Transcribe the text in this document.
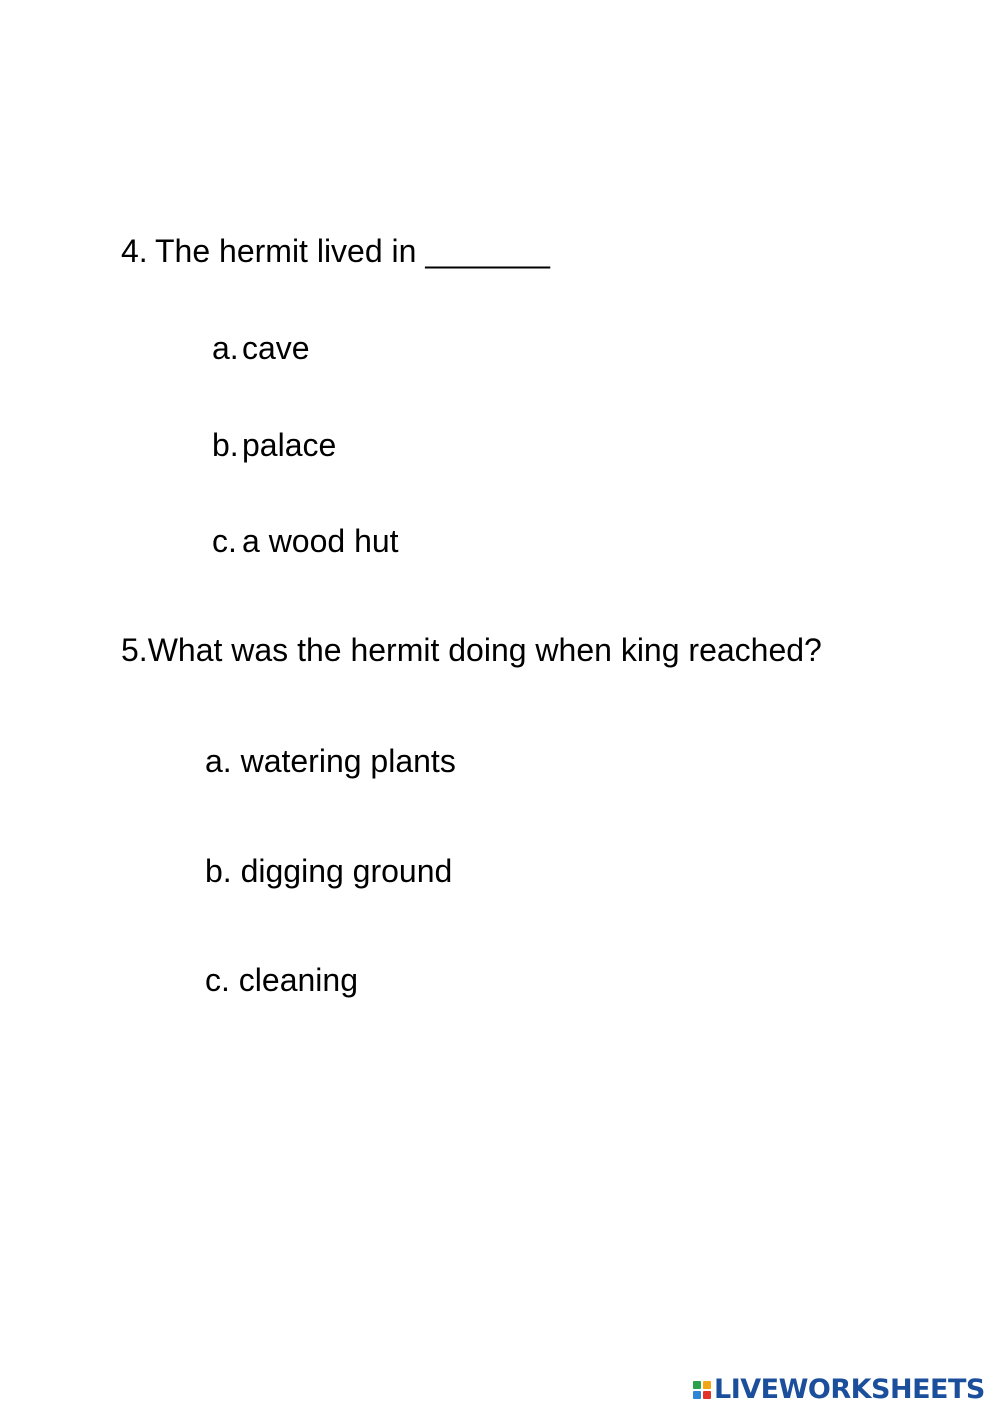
4. The hermit lived in _______
a. cave
b. palace
c. a wood hut
5.What was the hermit doing when king reached?
a. watering plants
b. digging ground
c. cleaning
LIVEWORKSHEETS
